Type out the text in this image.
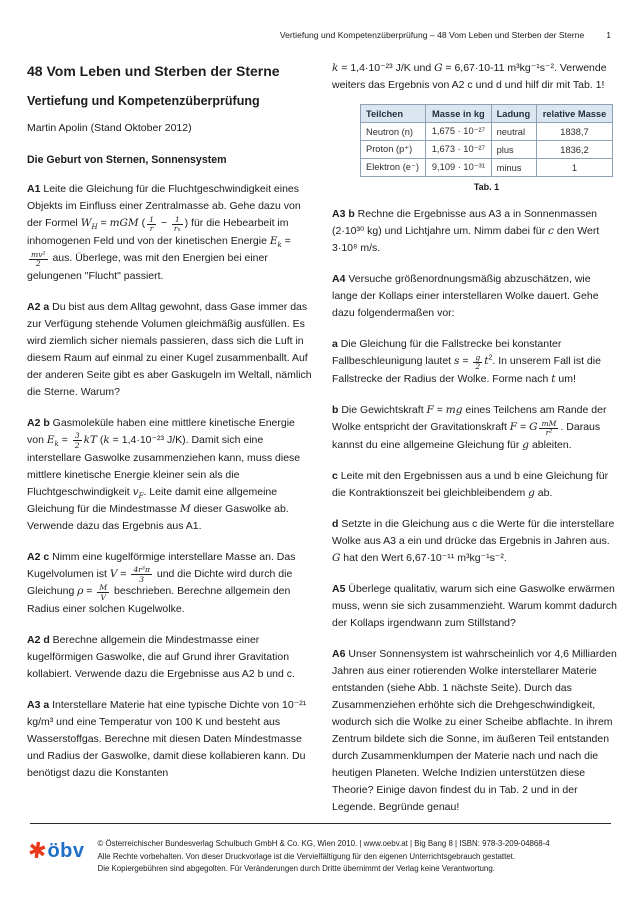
Vertiefung und Kompetenzüberprüfung – 48 Vom Leben und Sterben der Sterne	1
48 Vom Leben und Sterben der Sterne
Vertiefung und Kompetenzüberprüfung
Martin Apolin (Stand Oktober 2012)
Die Geburt von Sternen, Sonnensystem

A1 Leite die Gleichung für die Fluchtgeschwindigkeit eines Objekts im Einfluss einer Zentralmasse ab. Gehe dazu von der Formel $W_H$ = mGM ( $\frac{1}{r} - \frac{1}{\text{rₙ}}$ ) für die Hebearbeit im inhomogenen Feld und von der kinetischen Energie $E_k$ =
$\frac{\text{mv²}}{2}$ aus. Überlege, was mit den Energien bei einer gelungenen "Flucht" passiert.

A2 a Du bist aus dem Alltag gewohnt, dass Gase immer das zur Verfügung stehende Volumen gleichmäßig ausfüllen. Es wird ziemlich sicher niemals passieren, dass sich die Luft in diesem Raum auf einmal zu einer Kugel zusammenballt. Auf der anderen Seite gibt es aber Gaskugeln im Weltall, nämlich die Sterne. Warum?

A2 b Gasmoleküle haben eine mittlere kinetische Energie von $E_k = \frac{3}{2}$ kT (k = 1,4·10⁻²³ J/K). Damit sich eine interstellare Gaswolke zusammenziehen kann, muss diese mittlere kinetische Energie kleiner sein als die Fluchtgeschwindigkeit $v_F$. Leite damit eine allgemeine Gleichung für die Mindestmasse M dieser Gaswolke ab. Verwende dazu das Ergebnis aus A1.

A2 c Nimm eine kugelförmige interstellare Masse an. Das Kugelvolumen ist $V = \frac{\text{4r³π}}{3}$ und die Dichte wird durch die Gleichung $\rho = \frac{M}{V}$ beschrieben. Berechne allgemein den Radius einer solchen Kugelwolke.

A2 d Berechne allgemein die Mindestmasse einer kugelförmigen Gaswolke, die auf Grund ihrer Gravitation kollabiert. Verwende dazu die Ergebnisse aus A2 b und c.

A3 a Interstellare Materie hat eine typische Dichte von 10⁻²¹ kg/m³ und eine Temperatur von 100 K und besteht aus Wasserstoffgas. Berechne mit diesen Daten Mindestmasse und Radius der Gaswolke, damit diese kollabieren kann. Du benötigst dazu die Konstanten

k = 1,4·10⁻²³ J/K und G = 6,67·10-11 m³kg⁻¹s⁻². Verwende weiters das Ergebnis von A2 c und d und hilf dir mit Tab. 1!

Teilchen	Masse in kg	Ladung	relative Masse
Neutron (n)	1,675 · 10⁻²⁷	neutral	1838,7
Proton (p⁺)	1,673 · 10⁻²⁷	plus	1836,2
Elektron (e⁻)	9,109 · 10⁻³¹	minus	1
Tab. 1

A3 b Rechne die Ergebnisse aus A3 a in Sonnenmassen (2·10³⁰ kg) und Lichtjahre um. Nimm dabei für c den Wert 3·10⁸ m/s.

A4 Versuche größenordnungsmäßig abzuschätzen, wie lange der Kollaps einer interstellaren Wolke dauert. Gehe dazu folgendermaßen vor:

a Die Gleichung für die Fallstrecke bei konstanter Fallbeschleunigung lautet $s = \frac{g}{2} t^2$. In unserem Fall ist die Fallstrecke der Radius der Wolke. Forme nach t um!

b Die Gewichtskraft F = mg eines Teilchens am Rande der Wolke entspricht der Gravitationskraft F = G $\frac{mM}{\text{r²}}$ . Daraus kannst du eine allgemeine Gleichung für g ableiten.

c Leite mit den Ergebnissen aus a und b eine Gleichung für die Kontraktionszeit bei gleichbleibendem g ab.

d Setzte in die Gleichung aus c die Werte für die interstellare Wolke aus A3 a ein und drücke das Ergebnis in Jahren aus. G hat den Wert 6,67·10⁻¹¹ m³kg⁻¹s⁻².

A5 Überlege qualitativ, warum sich eine Gaswolke erwärmen muss, wenn sie sich zusammenzieht. Warum kommt dadurch der Kollaps irgendwann zum Stillstand?

A6 Unser Sonnensystem ist wahrscheinlich vor 4,6 Milliarden Jahren aus einer rotierenden Wolke interstellarer Materie entstanden (siehe Abb. 1 nächste Seite). Durch das Zusammenziehen erhöhte sich die Drehgeschwindigkeit, wodurch sich die Wolke zu einer Scheibe abflachte. In ihrem Zentrum bildete sich die Sonne, im äußeren Teil entstanden durch Zusammenklumpen der Materie nach und nach die heutigen Planeten. Welche Indizien unterstützen diese Theorie? Einige davon findest du in Tab. 2 und in der Legende. Begründe genau!

✱ öbv © Österreichischer Bundesverlag Schulbuch GmbH & Co. KG, Wien 2010. | www.oebv.at | Big Bang 8 | ISBN: 978-3-209-04868-4
Alle Rechte vorbehalten. Von dieser Druckvorlage ist die Vervielfältigung für den eigenen Unterrichtsgebrauch gestattet.
Die Kopiergebühren sind abgegolten. Für Veränderungen durch Dritte übernimmt der Verlag keine Verantwortung.
